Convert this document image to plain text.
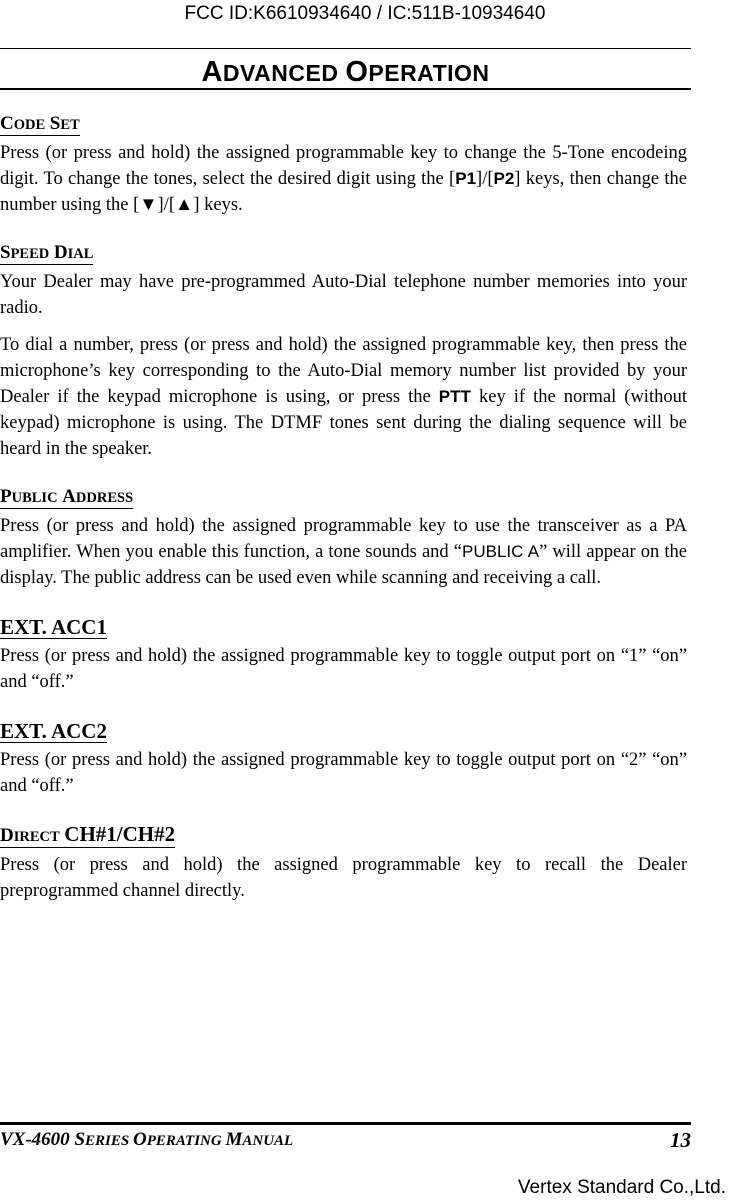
FCC ID:K6610934640 / IC:511B-10934640
ADVANCED OPERATION
CODE SET

Press (or press and hold) the assigned programmable key to change the 5-Tone encodeing digit. To change the tones, select the desired digit using the [P1]/[P2] keys, then change the number using the [▼]/[▲] keys.

SPEED DIAL

Your Dealer may have pre-programmed Auto-Dial telephone number memories into your radio.

To dial a number, press (or press and hold) the assigned programmable key, then press the microphone’s key corresponding to the Auto-Dial memory number list provided by your Dealer if the keypad microphone is using, or press the PTT key if the normal (without keypad) microphone is using. The DTMF tones sent during the dialing sequence will be heard in the speaker.

PUBLIC ADDRESS

Press (or press and hold) the assigned programmable key to use the transceiver as a PA amplifier. When you enable this function, a tone sounds and “PUBLIC A” will appear on the display. The public address can be used even while scanning and receiving a call.

EXT. ACC1

Press (or press and hold) the assigned programmable key to toggle output port on “1” “on” and “off.”

EXT. ACC2

Press (or press and hold) the assigned programmable key to toggle output port on “2” “on” and “off.”

DIRECT CH#1/CH#2

Press (or press and hold) the assigned programmable key to recall the Dealer preprogrammed channel directly.

VX-4600 SERIES OPERATING MANUAL	13
Vertex Standard Co.,Ltd.
